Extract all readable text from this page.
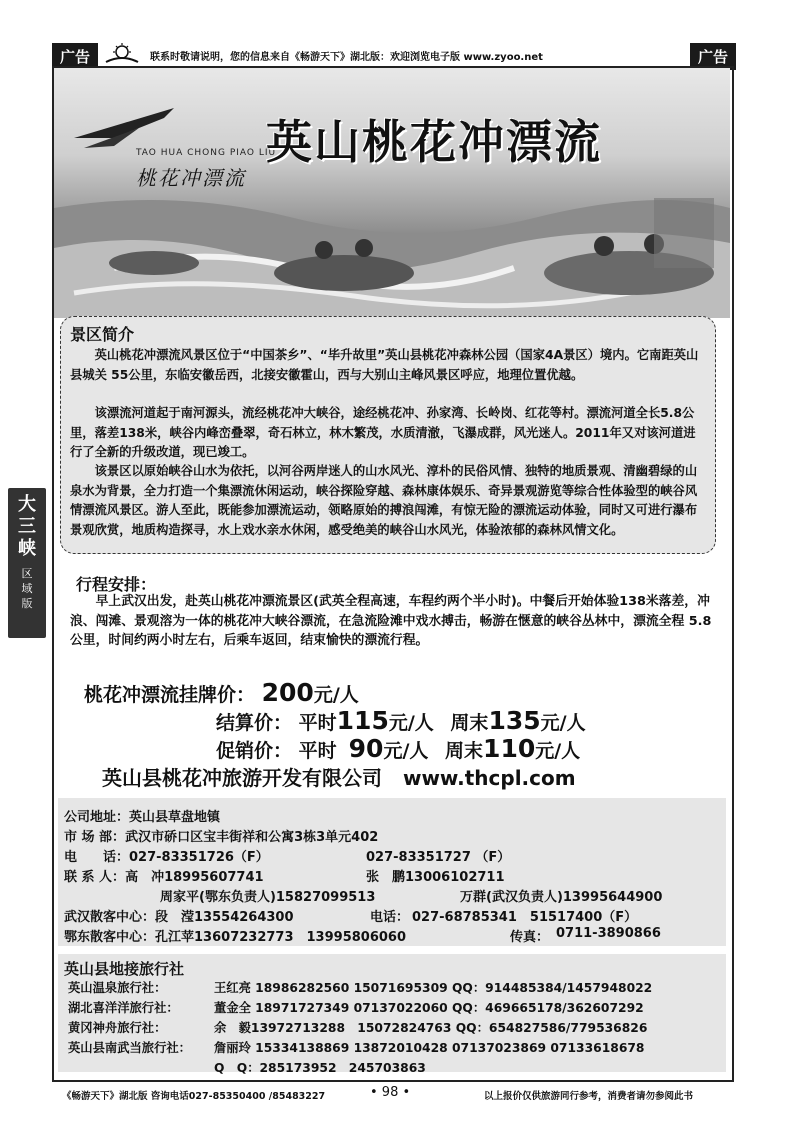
广告	联系时敬请说明，您的信息来自《畅游天下》湖北版：欢迎浏览电子版 www.zyoo.net	广告
TAO HUA CHONG PIAO LIU
桃花冲漂流
英山桃花冲漂流
景区简介

英山桃花冲漂流风景区位于“中国茶乡”、“毕升故里”英山县桃花冲森林公园（国家4A景区）境内。它南距英山县城关 55公里，东临安徽岳西，北接安徽霍山，西与大别山主峰风景区呼应，地理位置优越。

该漂流河道起于南河源头，流经桃花冲大峡谷，途经桃花冲、孙家湾、长岭岗、红花等村。漂流河道全长5.8公里，落差138米，峡谷内峰峦叠翠，奇石林立，林木繁茂，水质清澈，飞瀑成群，风光迷人。2011年又对该河道进行了全新的升级改道，现已竣工。

该景区以原始峡谷山水为依托，以河谷两岸迷人的山水风光、淳朴的民俗风情、独特的地质景观、清幽碧绿的山泉水为背景，全力打造一个集漂流休闲运动，峡谷探险穿越、森林康体娱乐、奇异景观游览等综合性体验型的峡谷风情漂流风景区。游人至此，既能参加漂流运动，领略原始的搏浪闯滩，有惊无险的漂流运动体验，同时又可进行瀑布景观欣赏，地质构造探寻，水上戏水亲水休闲，感受绝美的峡谷山水风光，体验浓郁的森林风情文化。

大三峡
区域版
行程安排：

早上武汉出发，赴英山桃花冲漂流景区(武英全程高速，车程约两个半小时)。中餐后开始体验138米落差，冲浪、闯滩、景观溶为一体的桃花冲大峡谷漂流，在急流险滩中戏水搏击，畅游在惬意的峡谷丛林中，漂流全程 5.8公里，时间约两小时左右，后乘车返回，结束愉快的漂流行程。

桃花冲漂流挂牌价： 200元/人
结算价： 平时115元/人 周末135元/人
促销价： 平时 90元/人 周末110元/人
英山县桃花冲旅游开发有限公司 www.thcpl.com
公司地址：英山县草盘地镇
市 场 部：武汉市硚口区宝丰街祥和公寓3栋3单元402
电　　话：027-83351726（F）	027-83351727 （F）
联 系 人：高　冲18995607741	张　鹏13006102711
周家平(鄂东负责人)15827099513	万群(武汉负责人)13995644900
武汉散客中心：段　滢13554264300	电话： 027-68785341　51517400（F）
鄂东散客中心：孔江苹13607232773　13995806060	传真： 0711-3890866
英山县地接旅行社
英山温泉旅行社：	王红亮 18986282560 15071695309 QQ：914485384/1457948022
湖北喜洋洋旅行社：	董金全 18971727349 07137022060 QQ：469665178/362607292
黄冈神舟旅行社：	余　毅13972713288　15072824763 QQ：654827586/779536826
英山县南武当旅行社： 詹丽玲 15334138869 13872010428 07137023869 07133618678
Q　Q：285173952　245703863
《畅游天下》湖北版 咨询电话027-85350400 /85483227	• 98 •	以上报价仅供旅游同行参考，消费者请勿参阅此书
